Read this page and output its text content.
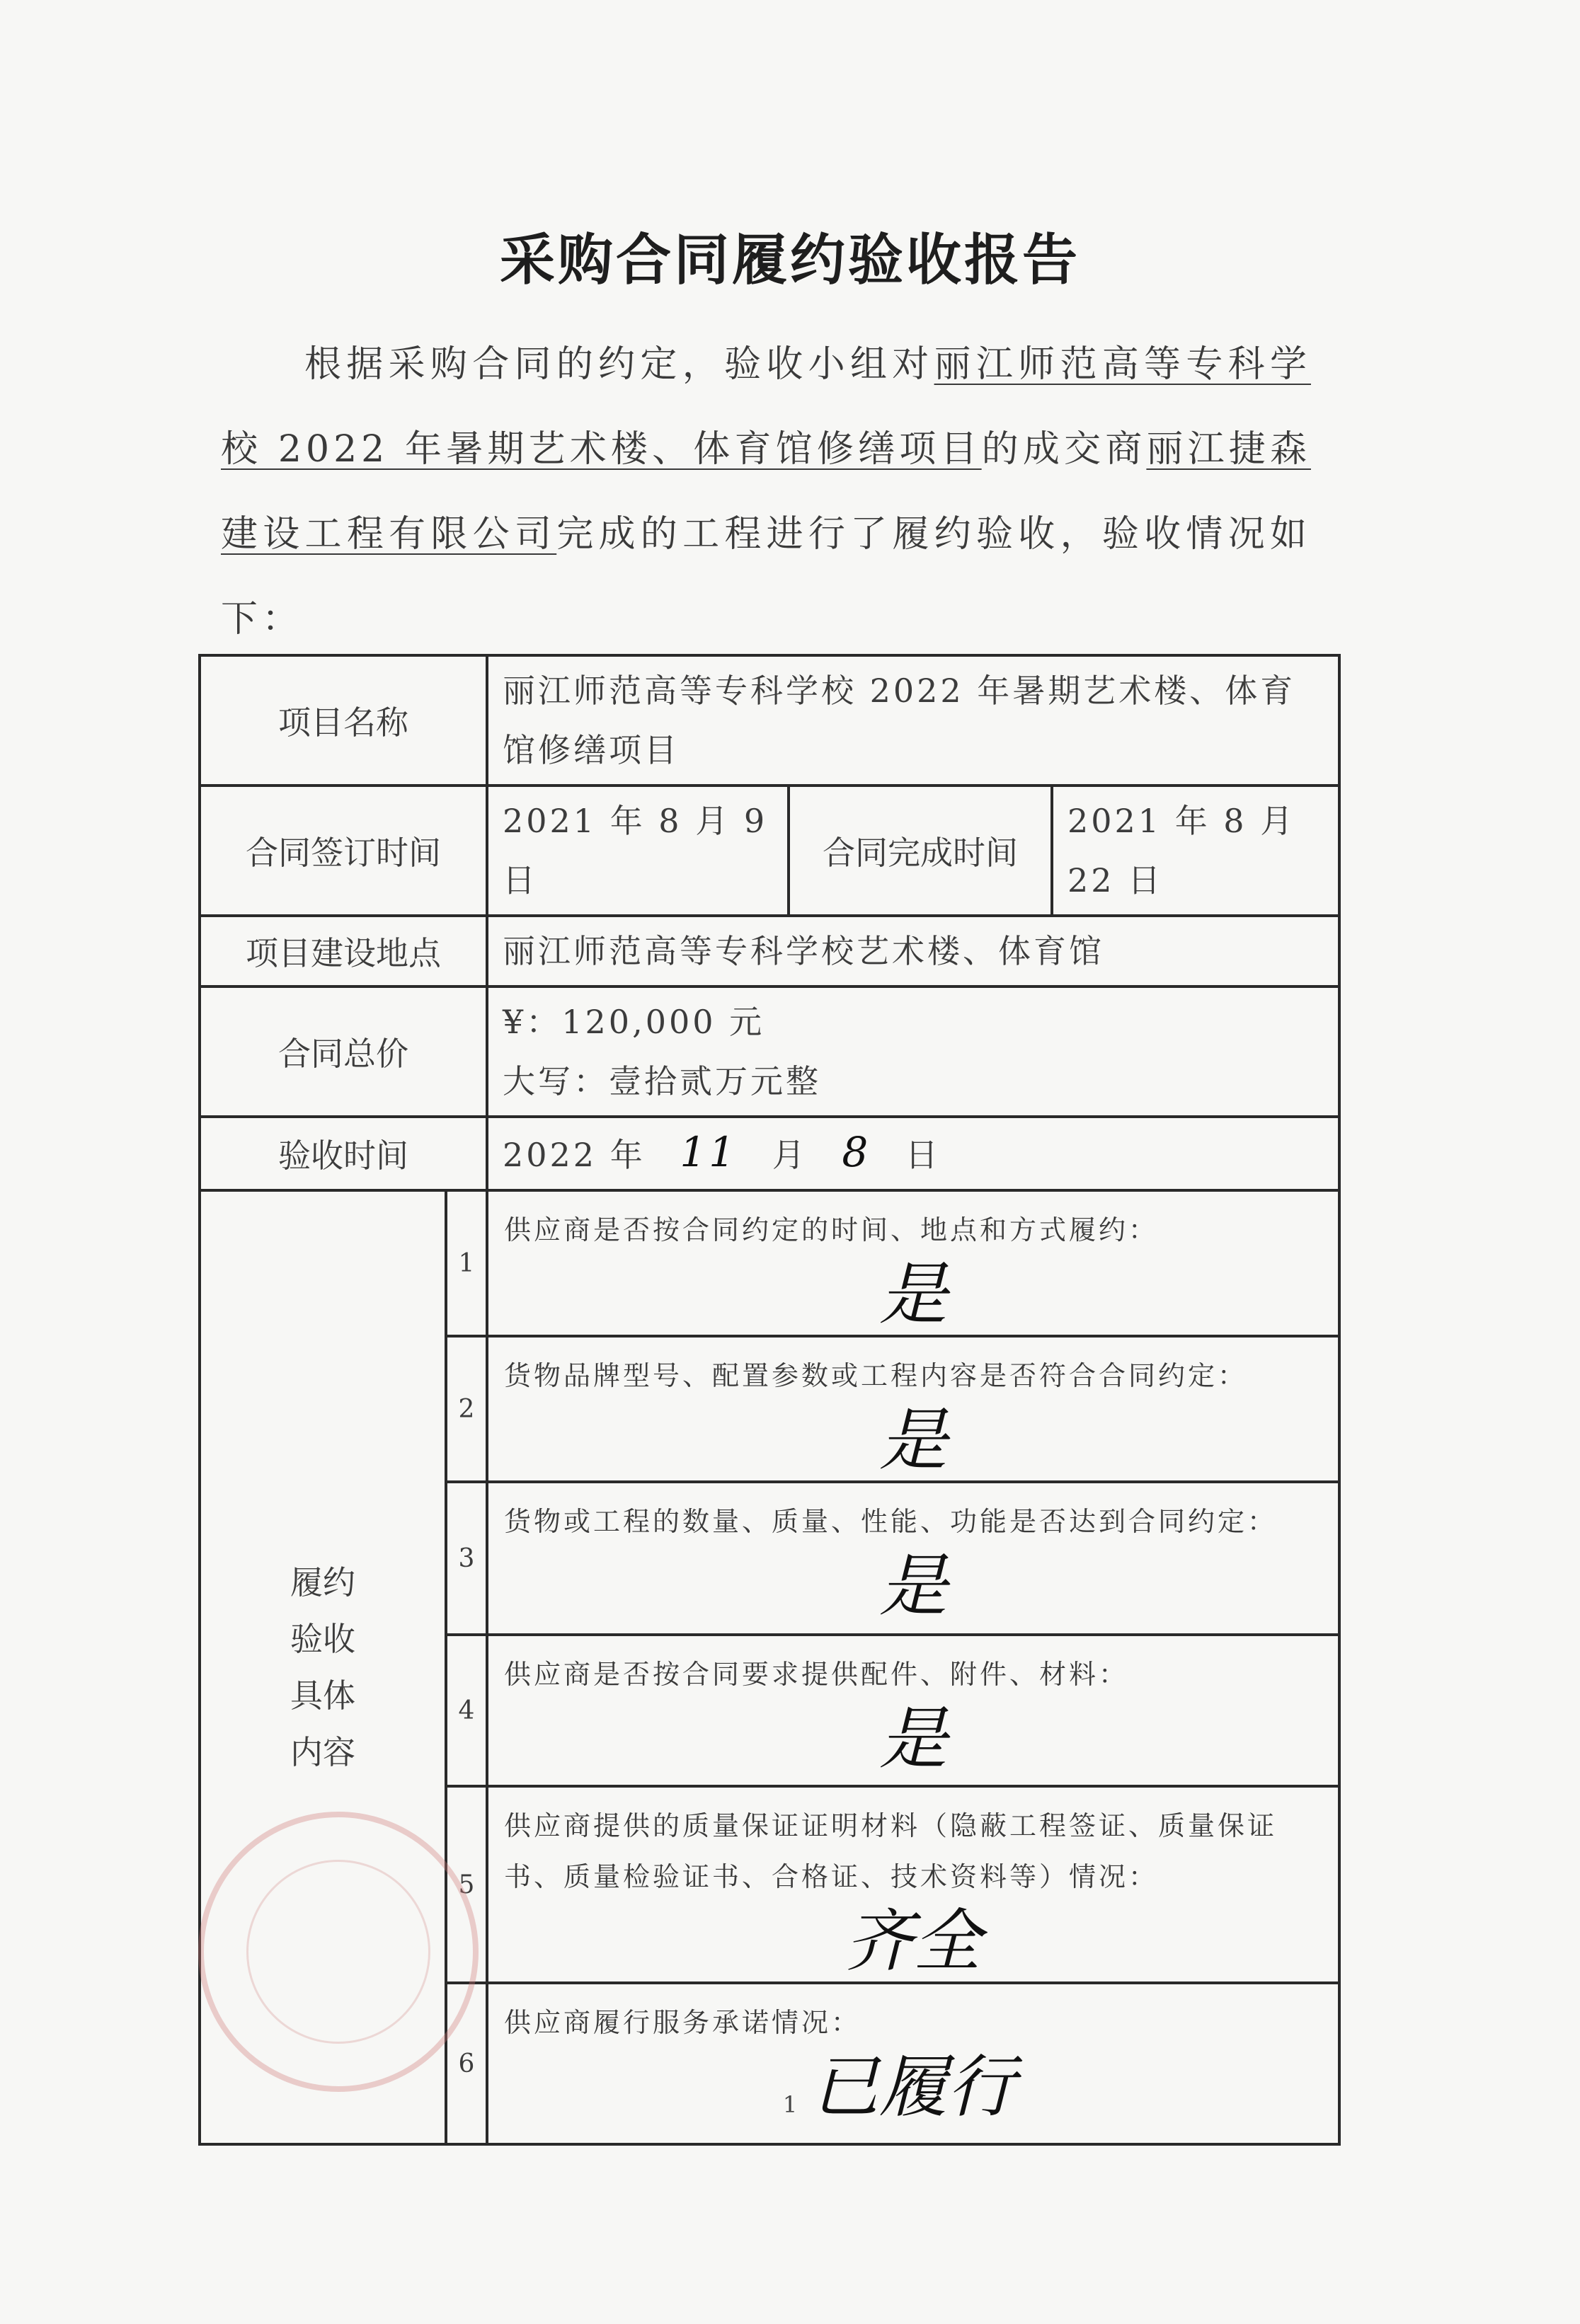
采购合同履约验收报告
根据采购合同的约定，验收小组对丽江师范高等专科学校 2022 年暑期艺术楼、体育馆修缮项目的成交商丽江捷森建设工程有限公司完成的工程进行了履约验收，验收情况如下：
项目名称		丽江师范高等专科学校 2022 年暑期艺术楼、体育馆修缮项目		
合同签订时间		2021 年 8 月 9 日	合同完成时间	2021 年 8 月 22 日
项目建设地点		丽江师范高等专科学校艺术楼、体育馆		
合同总价		¥：120,000 元
大写：壹拾贰万元整		

验收时间		2022 年 11 月 8 日		

履约验收具体内容	1	供应商是否按合同约定的时间、地点和方式履约：
是		

	2	货物品牌型号、配置参数或工程内容是否符合合同约定：
是		

	3	货物或工程的数量、质量、性能、功能是否达到合同约定：
是		

	4	供应商是否按合同要求提供配件、附件、材料：
是		

	5	供应商提供的质量保证证明材料（隐蔽工程签证、质量保证书、质量检验证书、合格证、技术资料等）情况：
齐全		

	6	供应商履行服务承诺情况：
已履行		
1
